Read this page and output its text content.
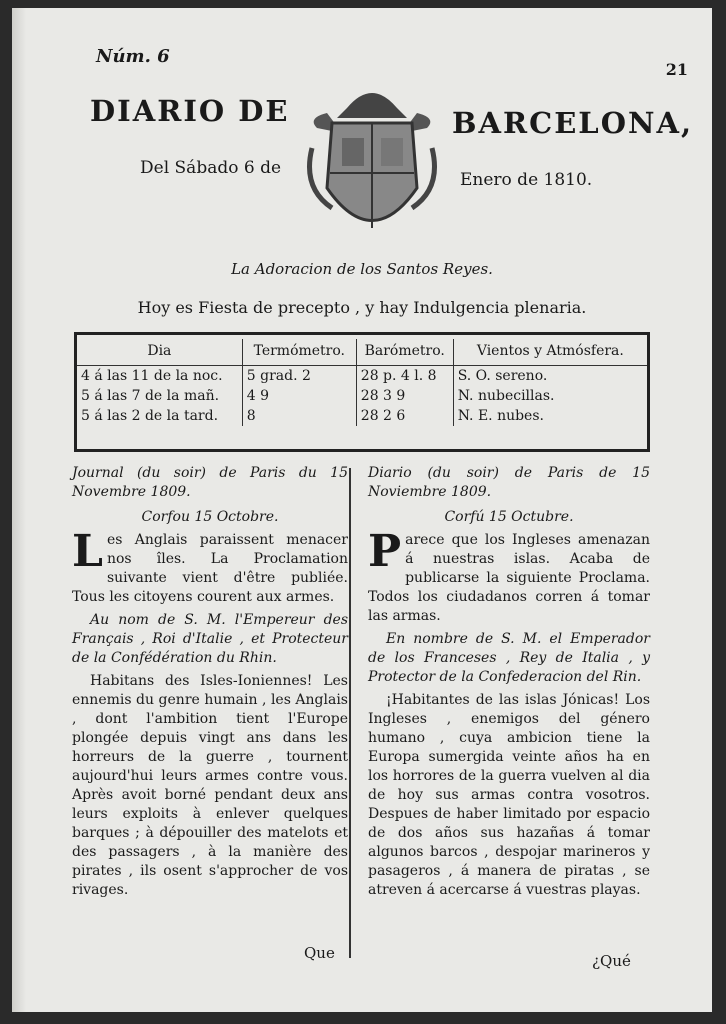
Núm. 6
21
DIARIO DE	BARCELONA,
Del Sábado 6 de
Enero de 1810.
La Adoracion de los Santos Reyes.
Hoy es Fiesta de precepto , y hay Indulgencia plenaria.
Dia	Termómetro.	Barómetro.	Vientos y Atmósfera.
4 á las 11 de la noc.	5 grad. 2	28 p. 4 l. 8	S. O. sereno.
5 á las 7 de la mañ.	4 9	28 3 9	N. nubecillas.
5 á las 2 de la tard.	8	28 2 6	N. E. nubes.
Journal (du soir) de Paris du 15 Novembre 1809.
Corfou 15 Octobre.

Les Anglais paraissent menacer nos îles. La Proclamation suivante vient d'être publiée. Tous les citoyens courent aux armes.

Au nom de S. M. l'Empereur des Français , Roi d'Italie , et Protecteur de la Confédération du Rhin.

Habitans des Isles-Ioniennes! Les ennemis du genre humain , les Anglais , dont l'ambition tient l'Europe plongée depuis vingt ans dans les horreurs de la guerre , tournent aujourd'hui leurs armes contre vous. Après avoit borné pendant deux ans leurs exploits à enlever quelques barques ; à dépouiller des matelots et des passagers , à la manière des pirates , ils osent s'approcher de vos rivages.

Diario (du soir) de Paris de 15 Noviembre 1809.
Corfú 15 Octubre.

Parece que los Ingleses amenazan á nuestras islas. Acaba de publicarse la siguiente Proclama. Todos los ciudadanos corren á tomar las armas.

En nombre de S. M. el Emperador de los Franceses , Rey de Italia , y Protector de la Confederacion del Rin.

¡Habitantes de las islas Jónicas! Los Ingleses , enemigos del género humano , cuya ambicion tiene la Europa sumergida veinte años ha en los horrores de la guerra vuelven al dia de hoy sus armas contra vosotros. Despues de haber limitado por espacio de dos años sus hazañas á tomar algunos barcos , despojar marineros y pasageros , á manera de piratas , se atreven á acercarse á vuestras playas.

Que	¿Qué
